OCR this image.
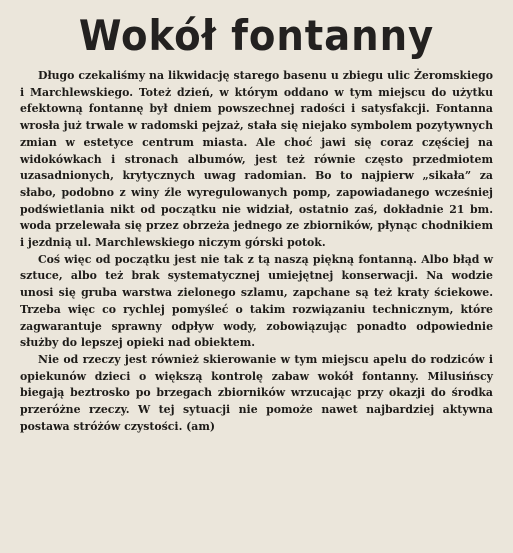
Wokół fontanny

Długo czekaliśmy na likwidację starego basenu u zbiegu ulic Żeromskiego i Marchlewskiego. Toteż dzień, w którym oddano w tym miejscu do użytku efektowną fontannę był dniem powszechnej radości i satysfakcji. Fontanna wrosła już trwale w radomski pejzaż, stała się niejako symbolem pozytywnych zmian w estetyce centrum miasta. Ale choć jawi się coraz częściej na widokówkach i stronach albumów, jest też równie często przedmiotem uzasadnionych, krytycznych uwag radomian. Bo to najpierw „sikała” za słabo, podobno z winy źle wyregulowanych pomp, zapowiadanego wcześniej podświetlania nikt od początku nie widział, ostatnio zaś, dokładnie 21 bm. woda przelewała się przez obrzeża jednego ze zbiorników, płynąc chodnikiem i jezdnią ul. Marchlewskiego niczym górski potok.

Coś więc od początku jest nie tak z tą naszą piękną fontanną. Albo błąd w sztuce, albo też brak systematycznej umiejętnej konserwacji. Na wodzie unosi się gruba warstwa zielonego szlamu, zapchane są też kraty ściekowe. Trzeba więc co rychlej pomyśleć o takim rozwiązaniu technicznym, które zagwarantuje sprawny odpływ wody, zobowiązując ponadto odpowiednie służby do lepszej opieki nad obiektem.

Nie od rzeczy jest również skierowanie w tym miejscu apelu do rodziców i opiekunów dzieci o większą kontrolę zabaw wokół fontanny. Milusińscy biegają beztrosko po brzegach zbiorników wrzucając przy okazji do środka przeróżne rzeczy. W tej sytuacji nie pomoże nawet najbardziej aktywna postawa stróżów czystości. (am)
